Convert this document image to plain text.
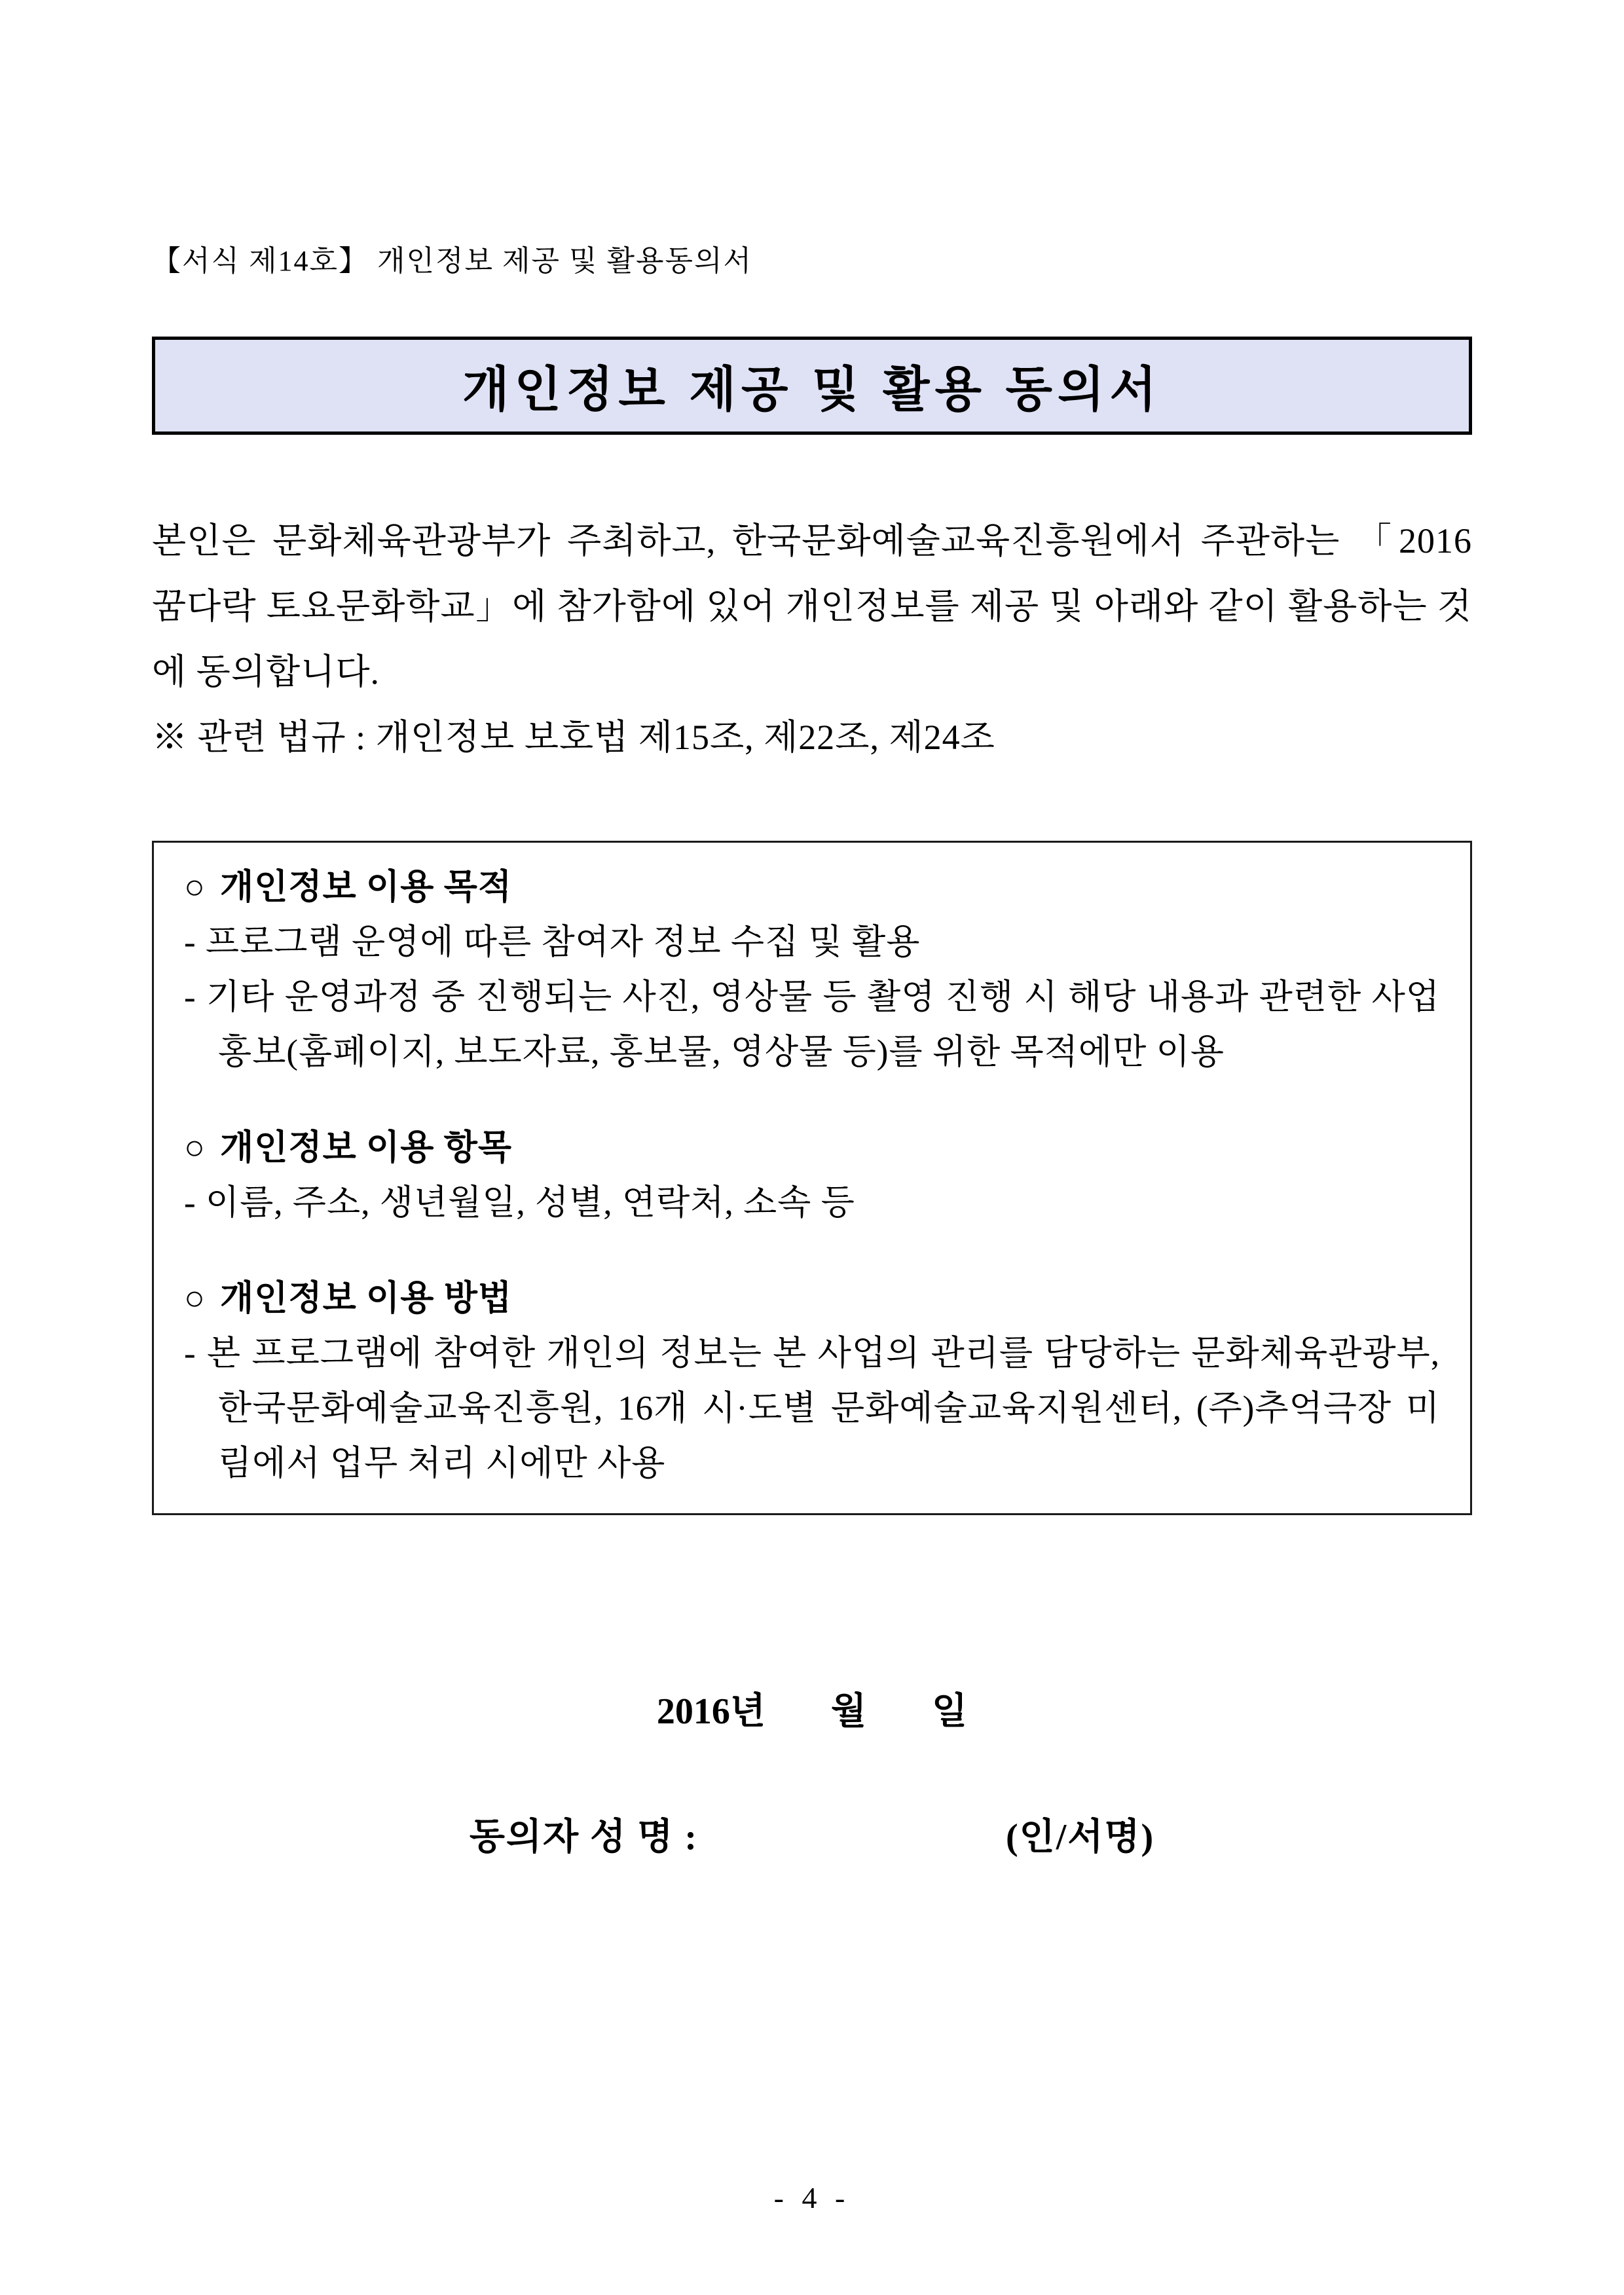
【서식 제14호】 개인정보 제공 및 활용동의서

개인정보 제공 및 활용 동의서

본인은 문화체육관광부가 주최하고, 한국문화예술교육진흥원에서 주관하는 「2016 꿈다락 토요문화학교」에 참가함에 있어 개인정보를 제공 및 아래와 같이 활용하는 것에 동의합니다.

※ 관련 법규 : 개인정보 보호법 제15조, 제22조, 제24조

○ 개인정보 이용 목적

- 프로그램 운영에 따른 참여자 정보 수집 및 활용

- 기타 운영과정 중 진행되는 사진, 영상물 등 촬영 진행 시 해당 내용과 관련한 사업 홍보(홈페이지, 보도자료, 홍보물, 영상물 등)를 위한 목적에만 이용

○ 개인정보 이용 항목

- 이름, 주소, 생년월일, 성별, 연락처, 소속 등

○ 개인정보 이용 방법

- 본 프로그램에 참여한 개인의 정보는 본 사업의 관리를 담당하는 문화체육관광부, 한국문화예술교육진흥원, 16개 시·도별 문화예술교육지원센터, (주)추억극장 미림에서 업무 처리 시에만 사용

2016년 월 일
동의자 성 명 :	(인/서명)
- 4 -
